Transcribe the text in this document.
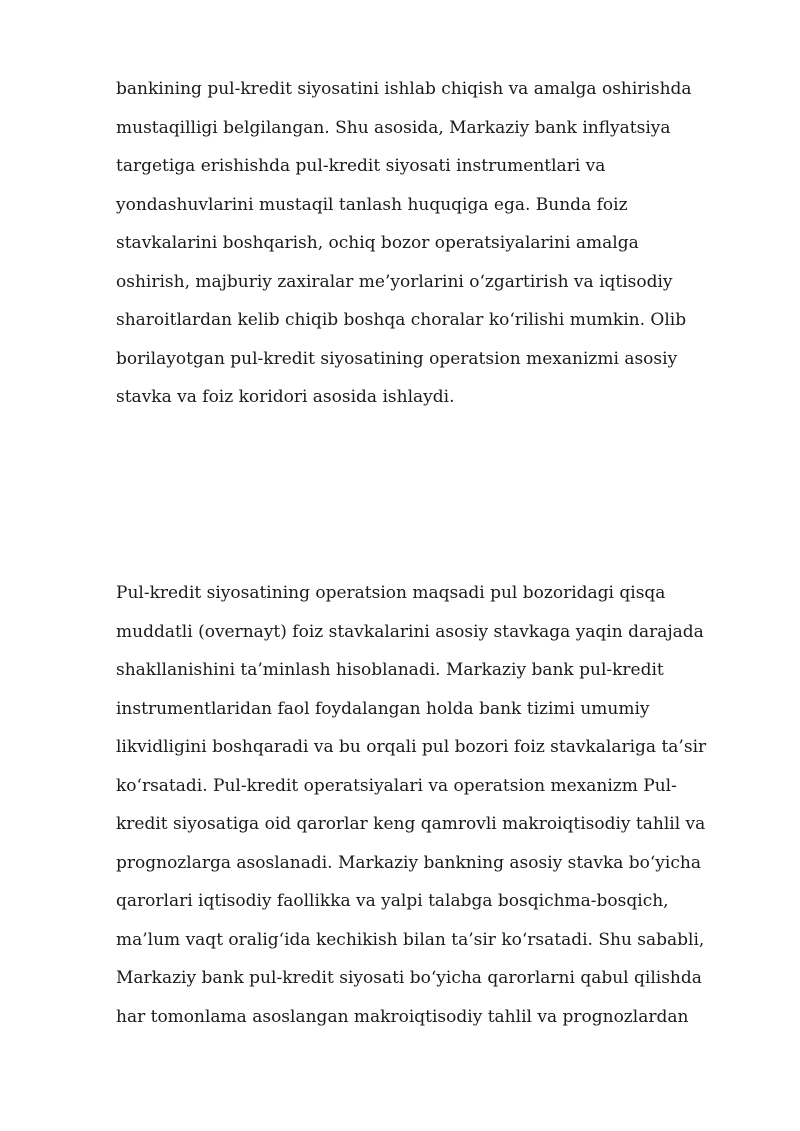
bankining pul-kredit siyosatini ishlab chiqish va amalga oshirishda
mustaqilligi belgilangan. Shu asosida, Markaziy bank inflyatsiya
targetiga erishishda pul-kredit siyosati instrumentlari va
yondashuvlarini mustaqil tanlash huquqiga ega. Bunda foiz
stavkalarini boshqarish, ochiq bozor operatsiyalarini amalga
oshirish, majburiy zaxiralar me’yorlarini o‘zgartirish va iqtisodiy
sharoitlardan kelib chiqib boshqa choralar ko‘rilishi mumkin. Olib
borilayotgan pul-kredit siyosatining operatsion mexanizmi asosiy
stavka va foiz koridori asosida ishlaydi.

Pul-kredit siyosatining operatsion maqsadi pul bozoridagi qisqa
muddatli (overnayt) foiz stavkalarini asosiy stavkaga yaqin darajada
shakllanishini ta’minlash hisoblanadi. Markaziy bank pul-kredit
instrumentlaridan faol foydalangan holda bank tizimi umumiy
likvidligini boshqaradi va bu orqali pul bozori foiz stavkalariga ta’sir
ko‘rsatadi. Pul-kredit operatsiyalari va operatsion mexanizm Pul-
kredit siyosatiga oid qarorlar keng qamrovli makroiqtisodiy tahlil va
prognozlarga asoslanadi. Markaziy bankning asosiy stavka bo‘yicha
qarorlari iqtisodiy faollikka va yalpi talabga bosqichma-bosqich,
ma’lum vaqt oralig‘ida kechikish bilan ta’sir ko‘rsatadi. Shu sababli,
Markaziy bank pul-kredit siyosati bo‘yicha qarorlarni qabul qilishda
har tomonlama asoslangan makroiqtisodiy tahlil va prognozlardan
